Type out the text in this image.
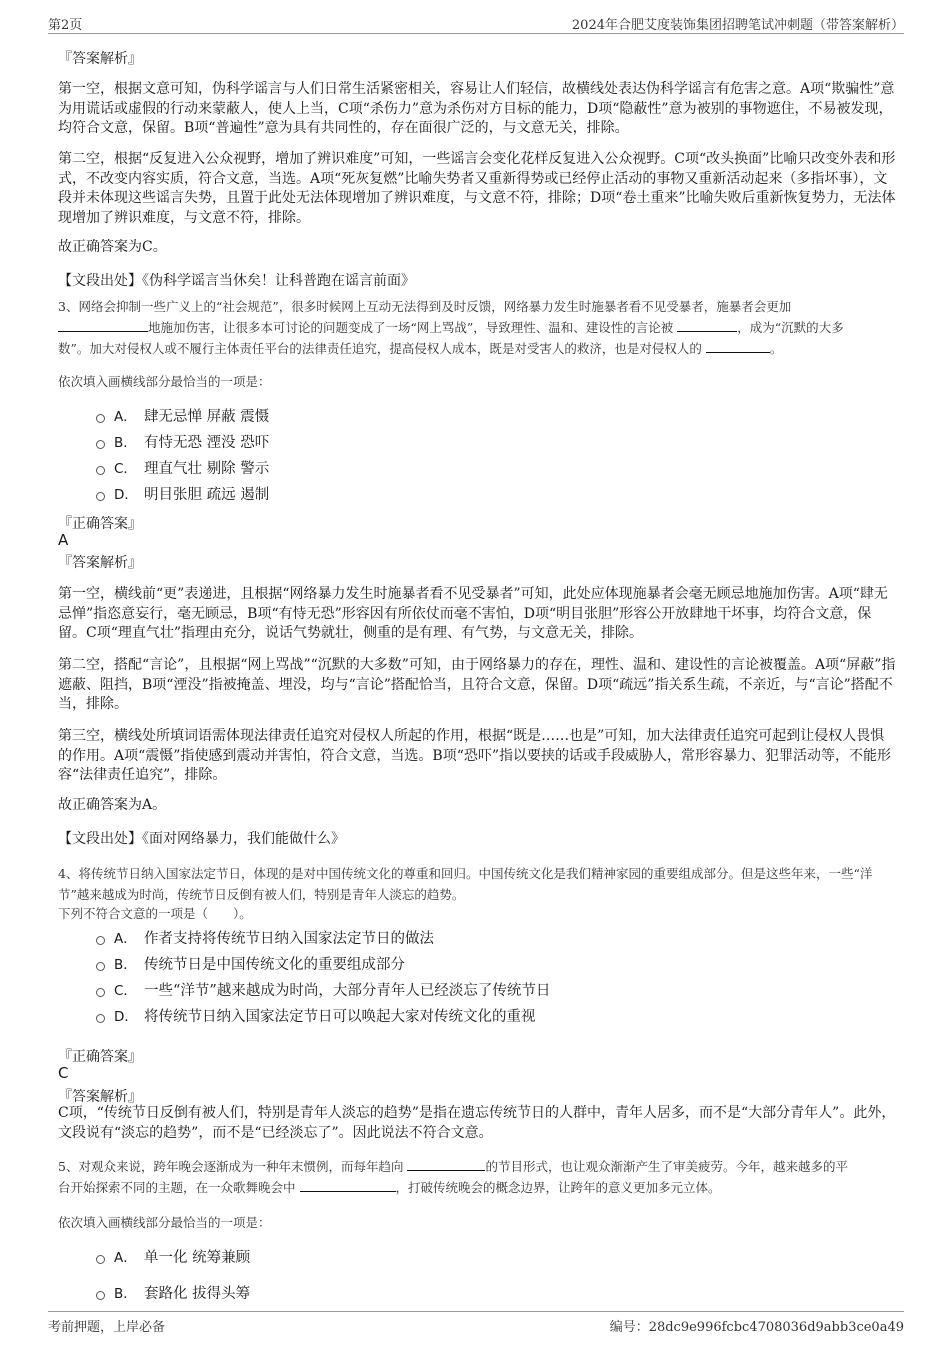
第2页	2024年合肥艾度装饰集团招聘笔试冲刺题（带答案解析）
『答案解析』
第一空，根据文意可知，伪科学谣言与人们日常生活紧密相关，容易让人们轻信，故横线处表达伪科学谣言有危害之意。A项“欺骗性”意为用谎话或虚假的行动来蒙蔽人，使人上当，C项“杀伤力”意为杀伤对方目标的能力，D项“隐蔽性”意为被别的事物遮住，不易被发现，均符合文意，保留。B项“普遍性”意为具有共同性的，存在面很广泛的，与文意无关，排除。
第二空，根据“反复进入公众视野，增加了辨识难度”可知，一些谣言会变化花样反复进入公众视野。C项“改头换面”比喻只改变外表和形式，不改变内容实质，符合文意，当选。A项“死灰复燃”比喻失势者又重新得势或已经停止活动的事物又重新活动起来（多指坏事），文段并未体现这些谣言失势，且置于此处无法体现增加了辨识难度，与文意不符，排除；D项“卷土重来”比喻失败后重新恢复势力，无法体现增加了辨识难度，与文意不符，排除。
故正确答案为C。
【文段出处】《伪科学谣言当休矣！让科普跑在谣言前面》
3、网络会抑制一些广义上的“社会规范”，很多时候网上互动无法得到及时反馈，网络暴力发生时施暴者看不见受暴者，施暴者会更加
地施加伤害，让很多本可讨论的问题变成了一场“网上骂战”，导致理性、温和、建设性的言论被	，成为“沉默的大多
数”。加大对侵权人或不履行主体责任平台的法律责任追究，提高侵权人成本，既是对受害人的救济，也是对侵权人的	。
依次填入画横线部分最恰当的一项是：
A． 肆无忌惮 屏蔽 震慑
B． 有恃无恐 湮没 恐吓
C． 理直气壮 剔除 警示
D． 明目张胆 疏远 遏制
『正确答案』
A
『答案解析』
第一空，横线前“更”表递进，且根据“网络暴力发生时施暴者看不见受暴者”可知，此处应体现施暴者会毫无顾忌地施加伤害。A项“肆无忌惮”指恣意妄行，毫无顾忌，B项“有恃无恐”形容因有所依仗而毫不害怕，D项“明目张胆”形容公开放肆地干坏事，均符合文意，保留。C项“理直气壮”指理由充分，说话气势就壮，侧重的是有理、有气势，与文意无关，排除。
第二空，搭配“言论”，且根据“网上骂战”“沉默的大多数”可知，由于网络暴力的存在，理性、温和、建设性的言论被覆盖。A项“屏蔽”指遮蔽、阻挡，B项“湮没”指被掩盖、埋没，均与“言论”搭配恰当，且符合文意，保留。D项“疏远”指关系生疏，不亲近，与“言论”搭配不当，排除。
第三空，横线处所填词语需体现法律责任追究对侵权人所起的作用，根据“既是……也是”可知，加大法律责任追究可起到让侵权人畏惧的作用。A项“震慑”指使感到震动并害怕，符合文意，当选。B项“恐吓”指以要挟的话或手段威胁人，常形容暴力、犯罪活动等，不能形容“法律责任追究”，排除。
故正确答案为A。
【文段出处】《面对网络暴力，我们能做什么》
4、将传统节日纳入国家法定节日，体现的是对中国传统文化的尊重和回归。中国传统文化是我们精神家园的重要组成部分。但是这些年来，一些“洋节”越来越成为时尚，传统节日反倒有被人们，特别是青年人淡忘的趋势。
下列不符合文意的一项是（　　）。
A． 作者支持将传统节日纳入国家法定节日的做法
B． 传统节日是中国传统文化的重要组成部分
C． 一些“洋节”越来越成为时尚，大部分青年人已经淡忘了传统节日
D． 将传统节日纳入国家法定节日可以唤起大家对传统文化的重视
『正确答案』
C
『答案解析』
C项，“传统节日反倒有被人们，特别是青年人淡忘的趋势”是指在遗忘传统节日的人群中，青年人居多，而不是“大部分青年人”。此外，文段说有“淡忘的趋势”，而不是“已经淡忘了”。因此说法不符合文意。
5、对观众来说，跨年晚会逐渐成为一种年末惯例，而每年趋向	的节目形式，也让观众渐渐产生了审美疲劳。今年，越来越多的平
台开始探索不同的主题，在一众歌舞晚会中	，打破传统晚会的概念边界，让跨年的意义更加多元立体。
依次填入画横线部分最恰当的一项是：
A． 单一化 统筹兼顾
B． 套路化 拔得头筹
考前押题，上岸必备	编号：28dc9e996fcbc4708036d9abb3ce0a49
